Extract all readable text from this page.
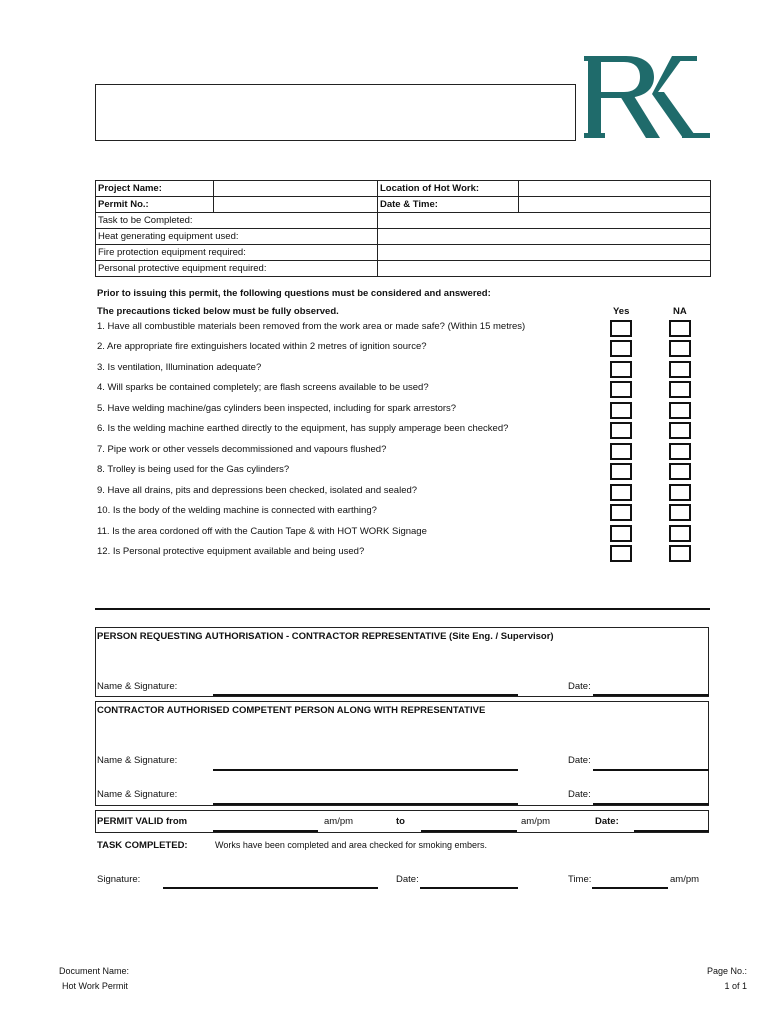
Project Name:		Location of Hot Work:	
Permit No.:		Date & Time:	
Task to be Completed:			
Heat generating equipment used:			
Fire protection equipment required:			
Personal protective equipment required:			
Prior to issuing this permit, the following questions must be considered and answered:
The precautions ticked below must be fully observed.	Yes	NA
1. Have all combustible materials been removed from the work area or made safe? (Within 15 metres)
2. Are appropriate fire extinguishers located within 2 metres of ignition source?
3. Is ventilation, Illumination adequate?
4. Will sparks be contained completely; are flash screens available to be used?
5. Have welding machine/gas cylinders been inspected, including for spark arrestors?
6. Is the welding machine earthed directly to the equipment, has supply amperage been checked?
7. Pipe work or other vessels decommissioned and vapours flushed?
8. Trolley is being used for the Gas cylinders?
9. Have all drains, pits and depressions been checked, isolated and sealed?
10. Is the body of the welding machine is connected with earthing?
11. Is the area cordoned off with the Caution Tape & with HOT WORK Signage
12. Is Personal protective equipment available and being used?
PERSON REQUESTING AUTHORISATION - CONTRACTOR REPRESENTATIVE (Site Eng. / Supervisor)
Name & Signature:	Date:
CONTRACTOR AUTHORISED COMPETENT PERSON ALONG WITH REPRESENTATIVE
Name & Signature:	Date:
Name & Signature:	Date:
PERMIT VALID from	am/pm	to	am/pm	Date:
TASK COMPLETED:	Works have been completed and area checked for smoking embers.
Signature:	Date:	Time:	am/pm
Document Name:
Hot Work Permit
Page No.:
1 of 1
